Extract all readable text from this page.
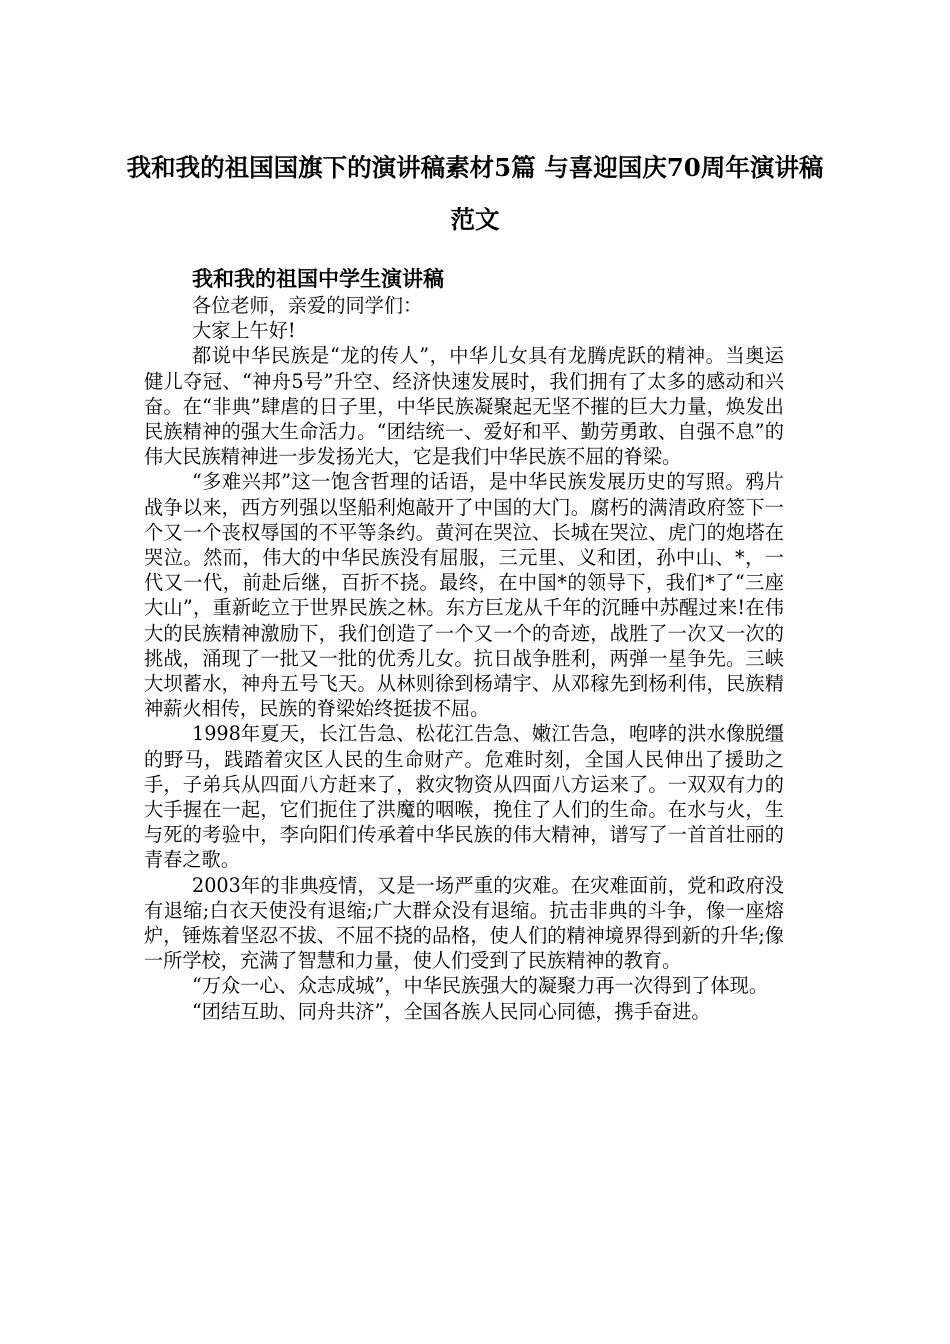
我和我的祖国国旗下的演讲稿素材5篇 与喜迎国庆70周年演讲稿范文

我和我的祖国中学生演讲稿

各位老师，亲爱的同学们：

大家上午好!

都说中华民族是“龙的传人”，中华儿女具有龙腾虎跃的精神。当奥运健儿夺冠、“神舟5号”升空、经济快速发展时，我们拥有了太多的感动和兴奋。在“非典”肆虐的日子里，中华民族凝聚起无坚不摧的巨大力量，焕发出民族精神的强大生命活力。“团结统一、爱好和平、勤劳勇敢、自强不息”的伟大民族精神进一步发扬光大，它是我们中华民族不屈的脊梁。

“多难兴邦”这一饱含哲理的话语，是中华民族发展历史的写照。鸦片战争以来，西方列强以坚船利炮敲开了中国的大门。腐朽的满清政府签下一个又一个丧权辱国的不平等条约。黄河在哭泣、长城在哭泣、虎门的炮塔在哭泣。然而，伟大的中华民族没有屈服，三元里、义和团，孙中山、*，一代又一代，前赴后继，百折不挠。最终，在中国*的领导下，我们*了“三座大山”，重新屹立于世界民族之林。东方巨龙从千年的沉睡中苏醒过来!在伟大的民族精神激励下，我们创造了一个又一个的奇迹，战胜了一次又一次的挑战，涌现了一批又一批的优秀儿女。抗日战争胜利，两弹一星争先。三峡大坝蓄水，神舟五号飞天。从林则徐到杨靖宇、从邓稼先到杨利伟，民族精神薪火相传，民族的脊梁始终挺拔不屈。

1998年夏天，长江告急、松花江告急、嫩江告急，咆哮的洪水像脱缰的野马，践踏着灾区人民的生命财产。危难时刻，全国人民伸出了援助之手，子弟兵从四面八方赶来了，救灾物资从四面八方运来了。一双双有力的大手握在一起，它们扼住了洪魔的咽喉，挽住了人们的生命。在水与火，生与死的考验中，李向阳们传承着中华民族的伟大精神，谱写了一首首壮丽的青春之歌。

2003年的非典疫情，又是一场严重的灾难。在灾难面前，党和政府没有退缩;白衣天使没有退缩;广大群众没有退缩。抗击非典的斗争，像一座熔炉，锤炼着坚忍不拔、不屈不挠的品格，使人们的精神境界得到新的升华;像一所学校，充满了智慧和力量，使人们受到了民族精神的教育。

“万众一心、众志成城”，中华民族强大的凝聚力再一次得到了体现。

“团结互助、同舟共济”，全国各族人民同心同德，携手奋进。
